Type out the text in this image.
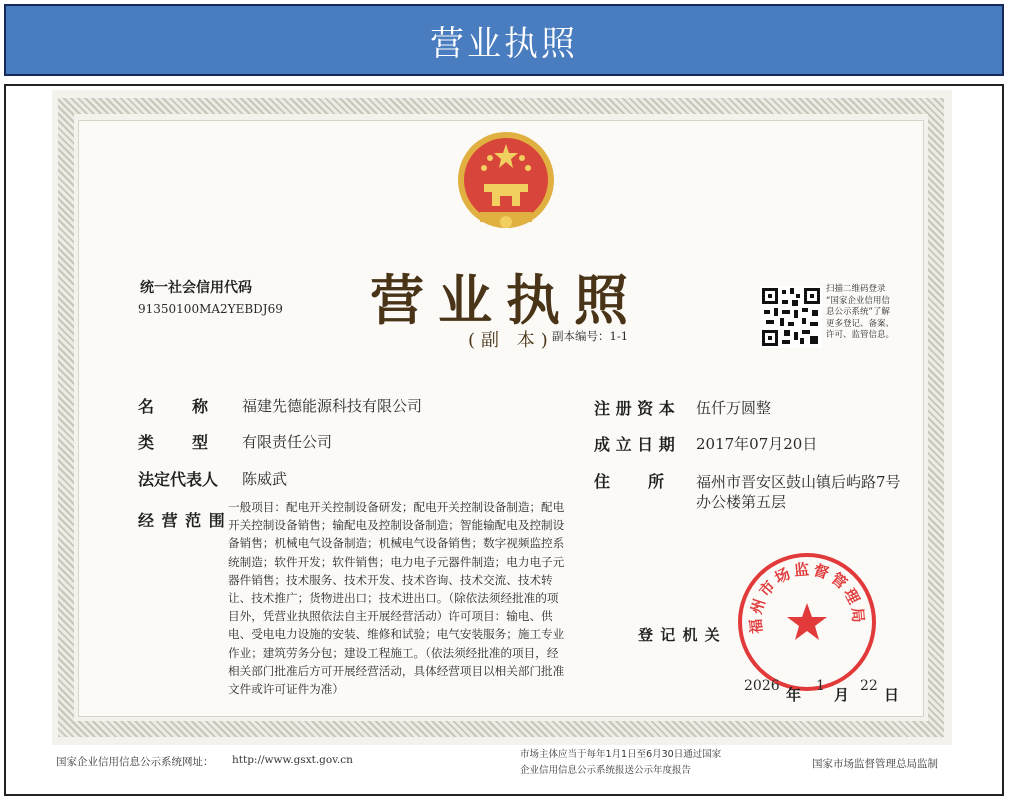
营业执照
统一社会信用代码
91350100MA2YEBDJ69 营业执照
(副 本)
副本编号：1-1
扫描二维码登录
“国家企业信用信
息公示系统”了解
更多登记、备案、
许可、监管信息。
名　　称 福建先德能源科技有限公司
类　　型 有限责任公司
法定代表人 陈威武
经 营 范 围
一般项目：配电开关控制设备研发；配电开关控制设备制造；配电开关控制设备销售；输配电及控制设备制造；智能输配电及控制设备销售；机械电气设备制造；机械电气设备销售；数字视频监控系统制造；软件开发；软件销售；电力电子元器件制造；电力电子元器件销售；技术服务、技术开发、技术咨询、技术交流、技术转让、技术推广；货物进出口；技术进出口。（除依法须经批准的项目外，凭营业执照依法自主开展经营活动）许可项目：输电、供电、受电电力设施的安装、维修和试验；电气安装服务；施工专业作业；建筑劳务分包；建设工程施工。（依法须经批准的项目，经相关部门批准后方可开展经营活动，具体经营项目以相关部门批准文件或许可证件为准）
注 册 资 本 伍仟万圆整
成 立 日 期 2017年07月20日
住　　所 福州市晋安区鼓山镇后屿路7号
办公楼第五层
登 记 机 关
福州市场监督管理局
2026 年 1 月 22 日
国家企业信用信息公示系统网址： http://www.gsxt.gov.cn	市场主体应当于每年1月1日至6月30日通过国家
企业信用信息公示系统报送公示年度报告
国家市场监督管理总局监制
